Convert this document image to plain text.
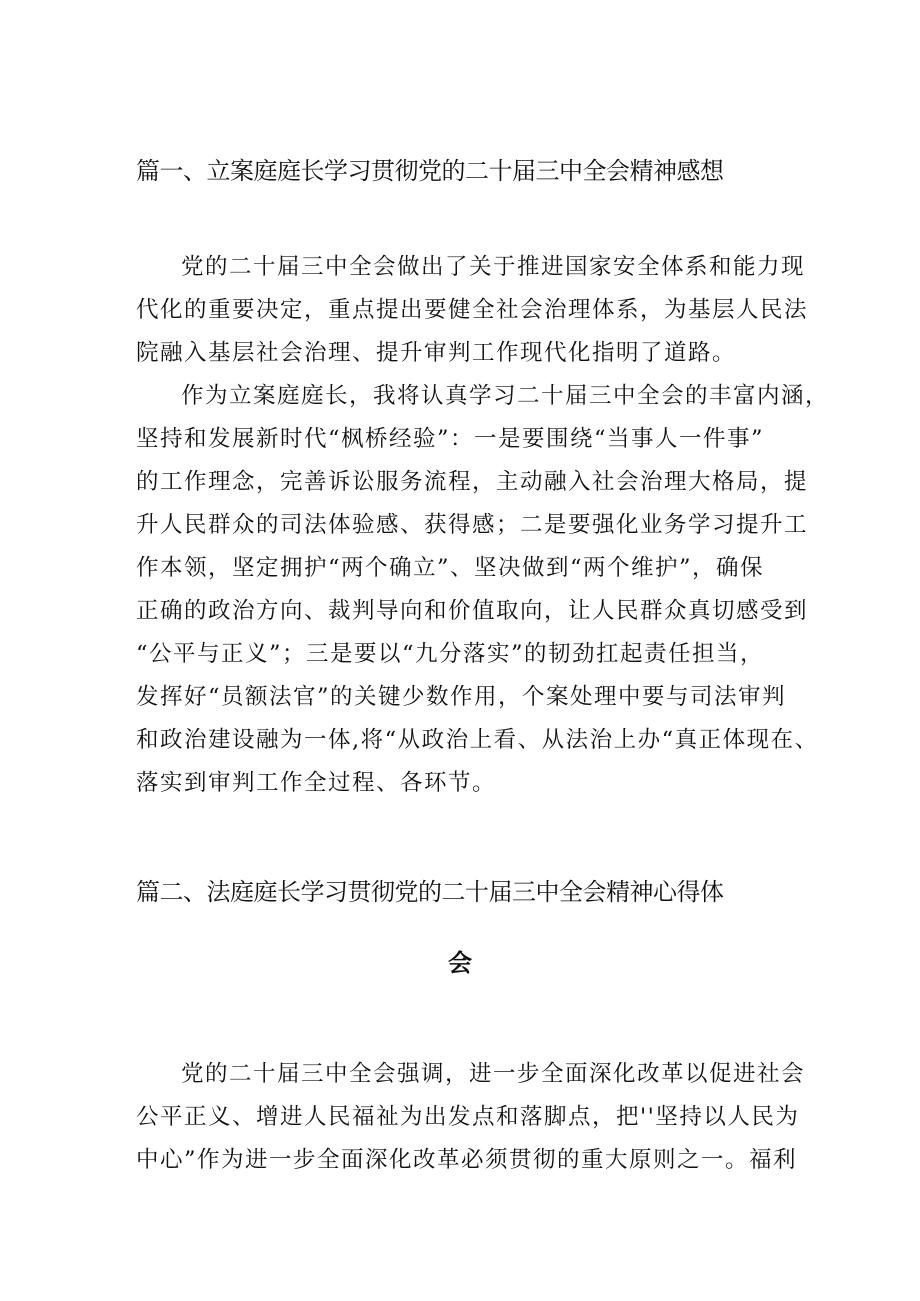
篇一、立案庭庭长学习贯彻党的二十届三中全会精神感想

党的二十届三中全会做出了关于推进国家安全体系和能力现
代化的重要决定，重点提出要健全社会治理体系，为基层人民法
院融入基层社会治理、提升审判工作现代化指明了道路。

作为立案庭庭长，我将认真学习二十届三中全会的丰富内涵，
坚持和发展新时代“枫桥经验”：一是要围绕“当事人一件事”
的工作理念，完善诉讼服务流程，主动融入社会治理大格局，提
升人民群众的司法体验感、获得感；二是要强化业务学习提升工
作本领，坚定拥护“两个确立”、坚决做到“两个维护”，确保
正确的政治方向、裁判导向和价值取向，让人民群众真切感受到
“公平与正义”；三是要以“九分落实”的韧劲扛起责任担当，
发挥好“员额法官”的关键少数作用，个案处理中要与司法审判
和政治建设融为一体,将“从政治上看、从法治上办“真正体现在、
落实到审判工作全过程、各环节。

篇二、法庭庭长学习贯彻党的二十届三中全会精神心得体
会

党的二十届三中全会强调，进一步全面深化改革以促进社会
公平正义、增进人民福祉为出发点和落脚点，把''坚持以人民为
中心”作为进一步全面深化改革必须贯彻的重大原则之一。福利
